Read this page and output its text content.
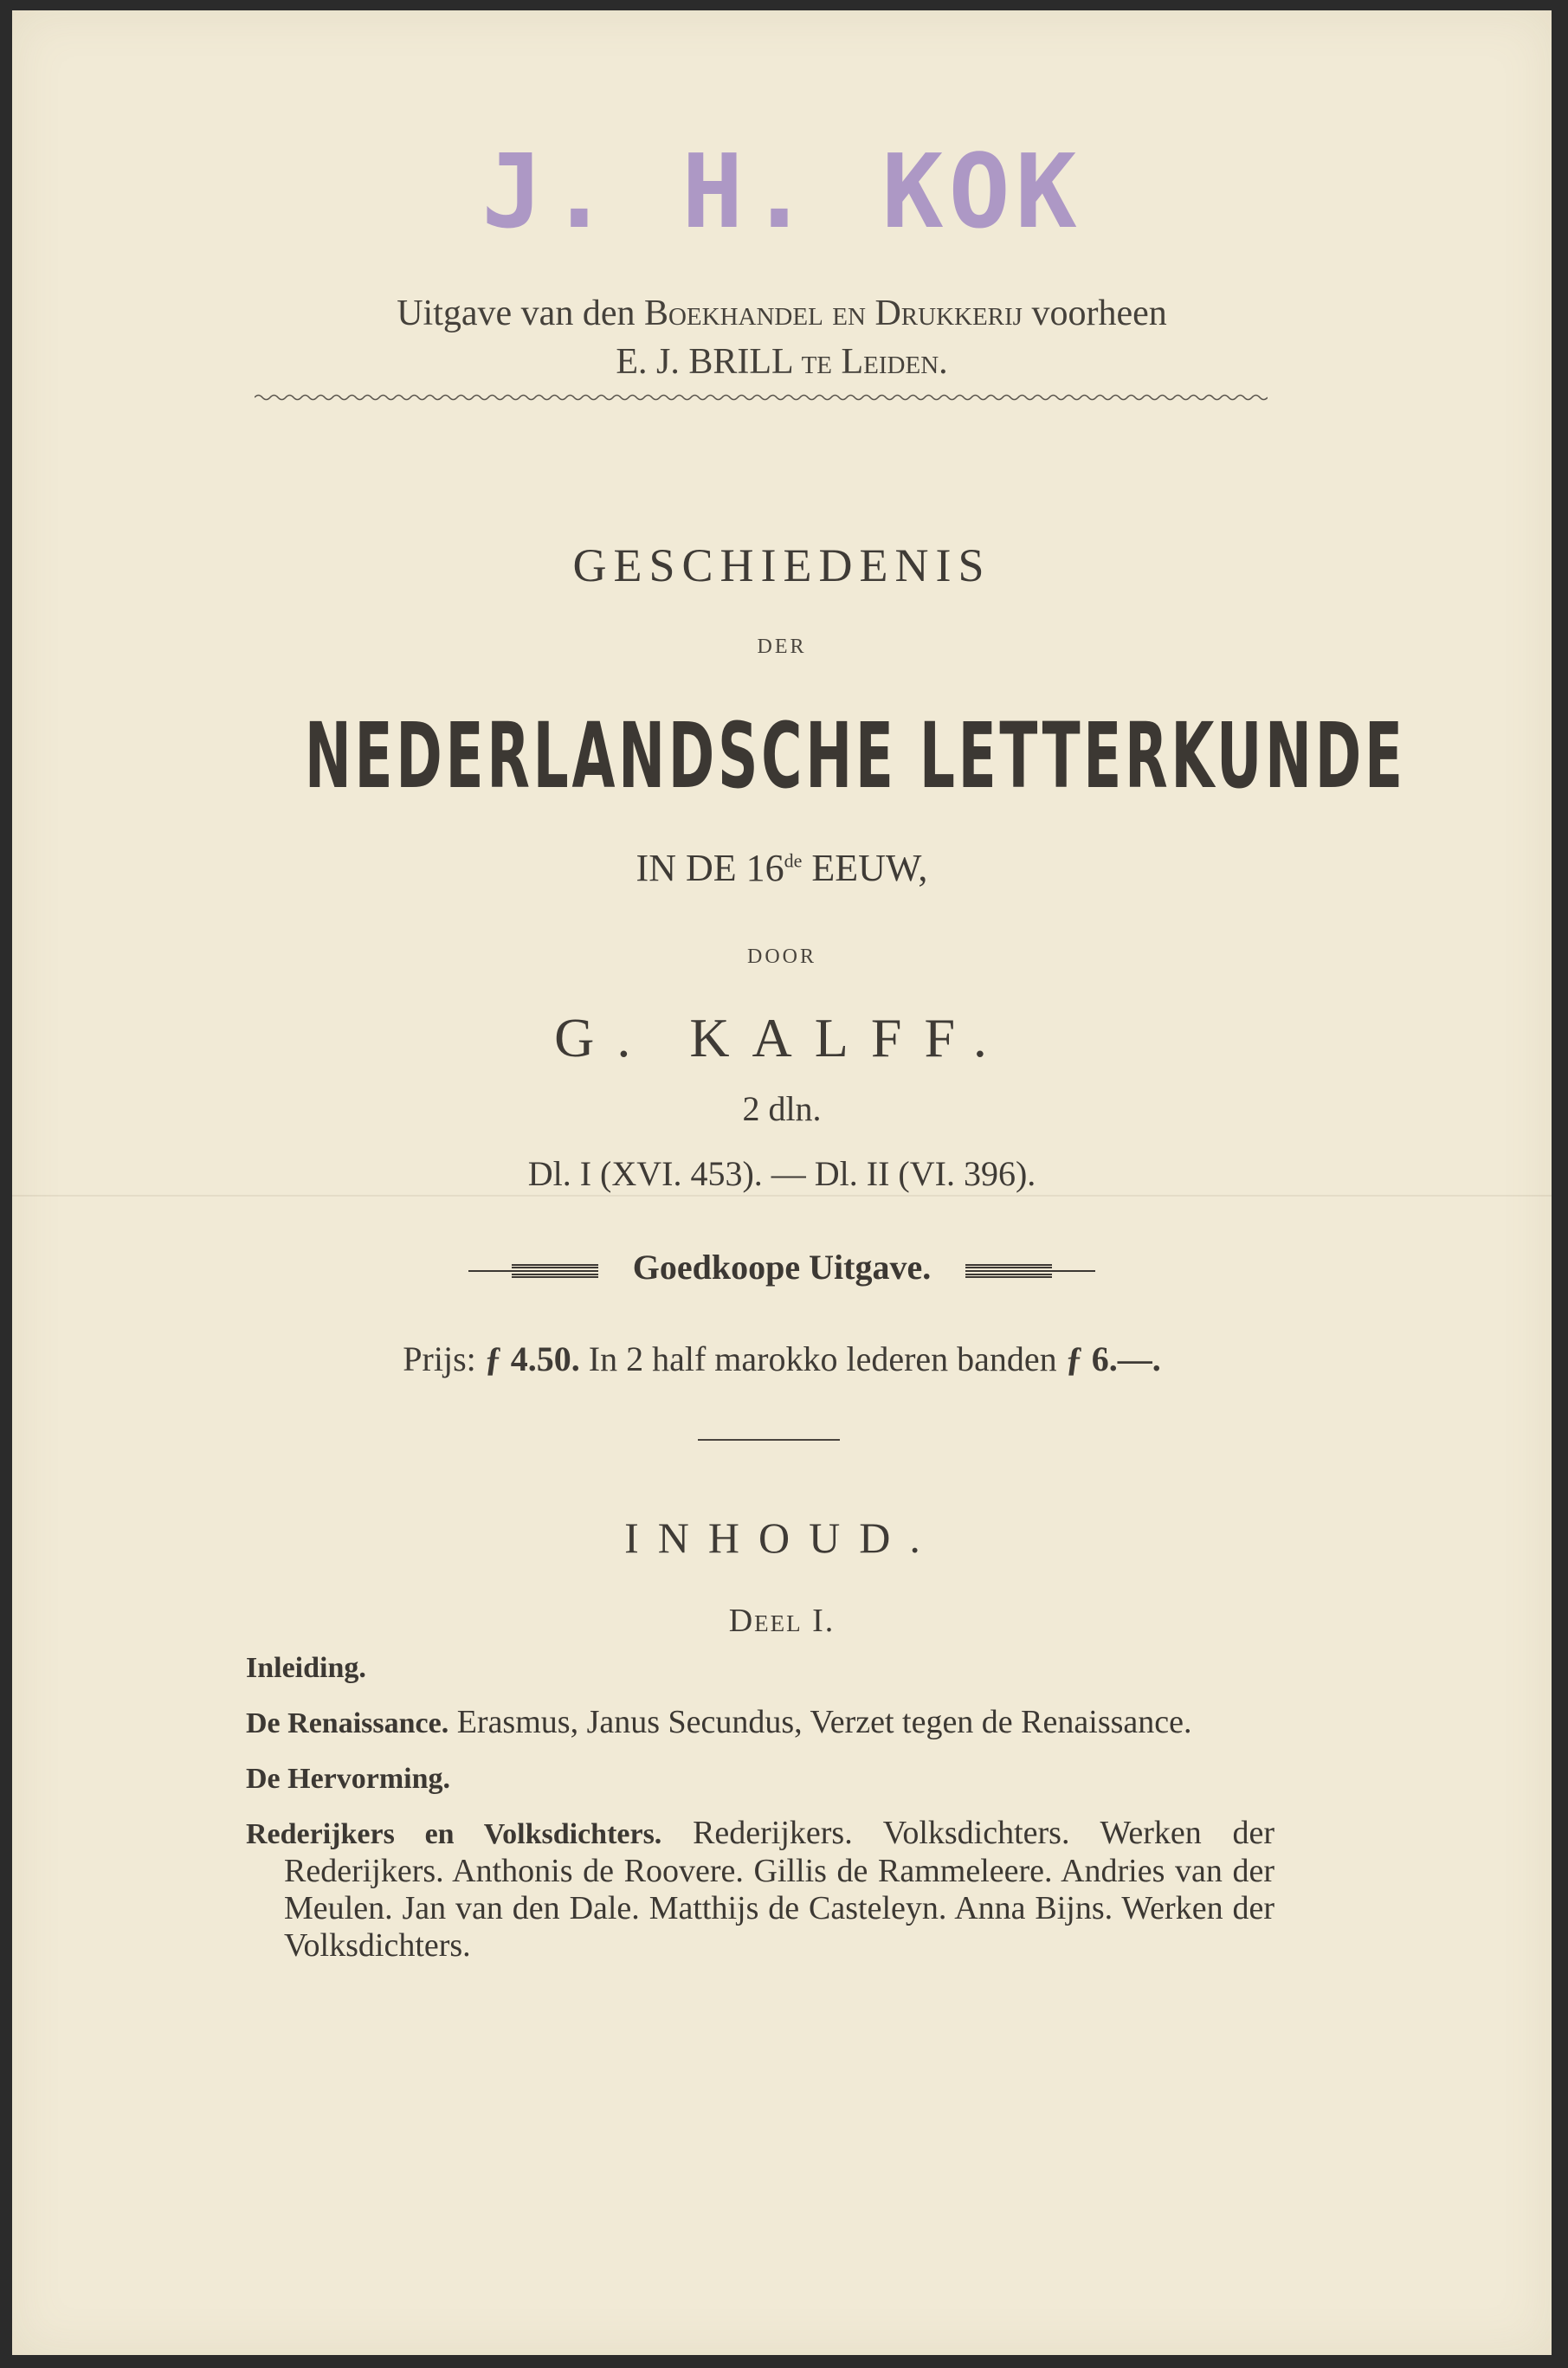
J. H. KOK
Uitgave van den Boekhandel en Drukkerij voorheen
E. J. BRILL te Leiden.
GESCHIEDENIS
DER
NEDERLANDSCHE LETTERKUNDE
IN DE 16de EEUW,
DOOR
G. KALFF.
2 dln.
Dl. I (XVI. 453). — Dl. II (VI. 396).
Goedkoope Uitgave.
Prijs: ƒ 4.50. In 2 half marokko lederen banden ƒ 6.—.
INHOUD.
Deel I.
Inleiding.
De Renaissance. Erasmus, Janus Secundus, Verzet tegen de Renaissance.
De Hervorming.
Rederijkers en Volksdichters. Rederijkers. Volksdichters. Werken der Rederijkers. Anthonis de Roovere. Gillis de Rammeleere. Andries van der Meulen. Jan van den Dale. Matthijs de Casteleyn. Anna Bijns. Werken der Volksdichters.
